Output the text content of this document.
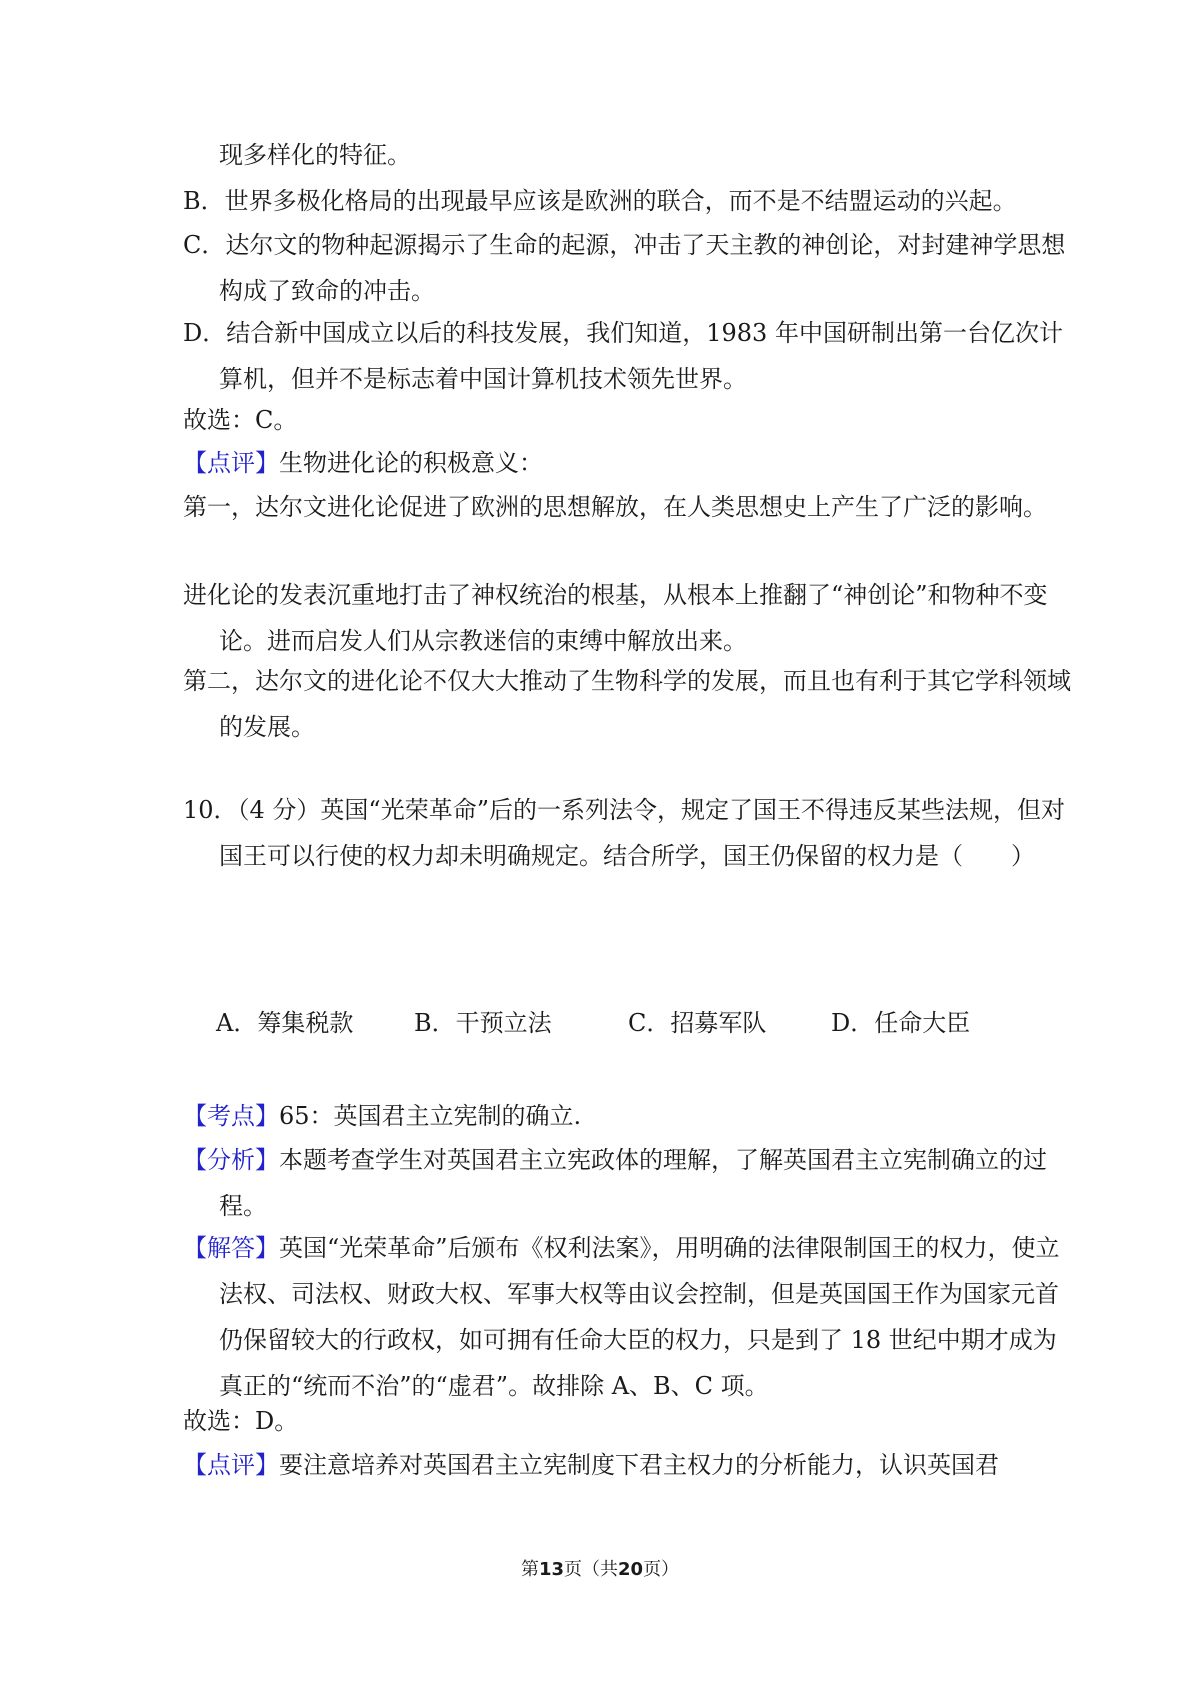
现多样化的特征。
B．世界多极化格局的出现最早应该是欧洲的联合，而不是不结盟运动的兴起。
C．达尔文的物种起源揭示了生命的起源，冲击了天主教的神创论，对封建神学思想构成了致命的冲击。
D．结合新中国成立以后的科技发展，我们知道，1983 年中国研制出第一台亿次计算机，但并不是标志着中国计算机技术领先世界。
故选：C。
【点评】生物进化论的积极意义：
第一，达尔文进化论促进了欧洲的思想解放，在人类思想史上产生了广泛的影响。
进化论的发表沉重地打击了神权统治的根基，从根本上推翻了“神创论”和物种不变论。进而启发人们从宗教迷信的束缚中解放出来。
第二，达尔文的进化论不仅大大推动了生物科学的发展，而且也有利于其它学科领域的发展。
10．（4 分）英国“光荣革命”后的一系列法令，规定了国王不得违反某些法规，但对国王可以行使的权力却未明确规定。结合所学，国王仍保留的权力是（　　）
A．筹集税款	B．干预立法	C．招募军队	D．任命大臣
【考点】65：英国君主立宪制的确立.
【分析】本题考查学生对英国君主立宪政体的理解，了解英国君主立宪制确立的过程。
【解答】英国“光荣革命”后颁布《权利法案》，用明确的法律限制国王的权力，使立法权、司法权、财政大权、军事大权等由议会控制，但是英国国王作为国家元首仍保留较大的行政权，如可拥有任命大臣的权力，只是到了 18 世纪中期才成为真正的“统而不治”的“虚君”。故排除 A、B、C 项。
故选：D。
【点评】要注意培养对英国君主立宪制度下君主权力的分析能力，认识英国君
第13页（共20页）
